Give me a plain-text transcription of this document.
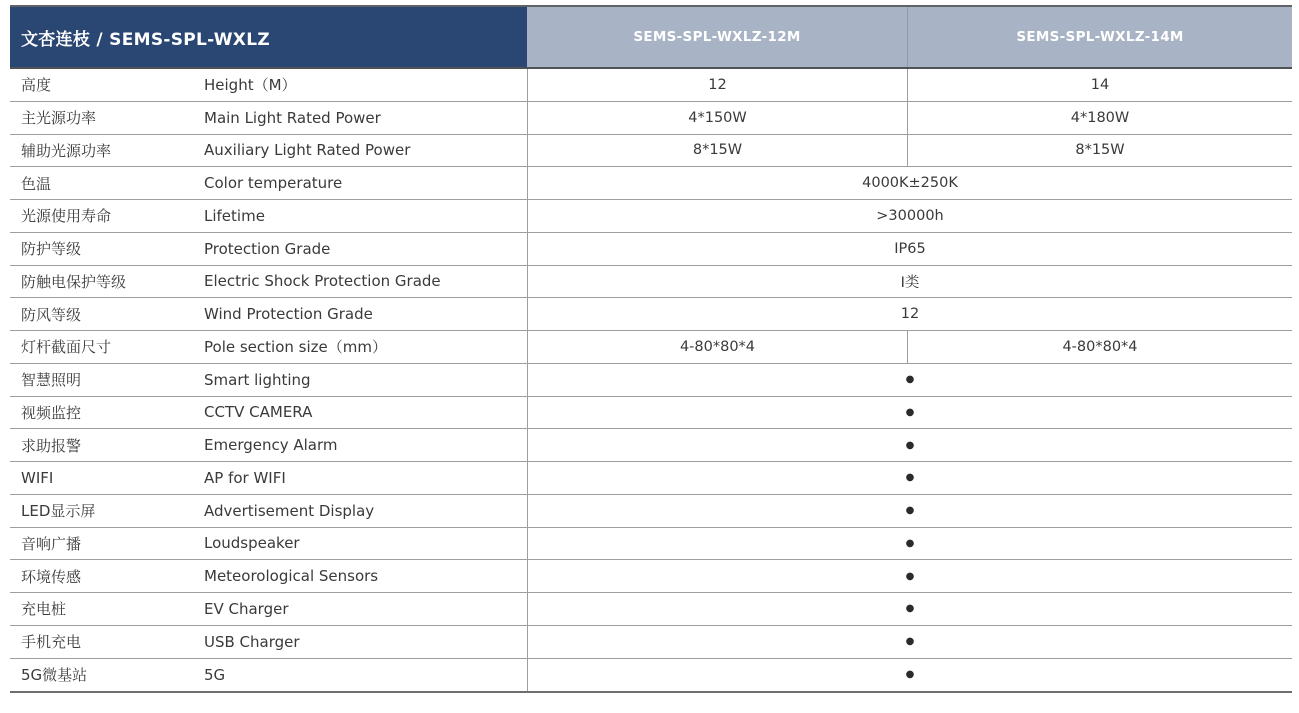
文杏连枝 / SEMS-SPL-WXLZ	SEMS-SPL-WXLZ-12M	SEMS-SPL-WXLZ-14M
高度	Height（M）	12	14
主光源功率	Main Light Rated Power	4*150W	4*180W
辅助光源功率	Auxiliary Light Rated Power	8*15W	8*15W
色温	Color temperature	4000K±250K
光源使用寿命	Lifetime	>30000h
防护等级	Protection Grade	IP65
防触电保护等级	Electric Shock Protection Grade	I类
防风等级	Wind Protection Grade	12
灯杆截面尺寸	Pole section size（mm）	4-80*80*4	4-80*80*4
智慧照明	Smart lighting	●
视频监控	CCTV CAMERA	●
求助报警	Emergency Alarm	●
WIFI	AP for WIFI	●
LED显示屏	Advertisement Display	●
音响广播	Loudspeaker	●
环境传感	Meteorological Sensors	●
充电桩	EV Charger	●
手机充电	USB Charger	●
5G微基站	5G	●
